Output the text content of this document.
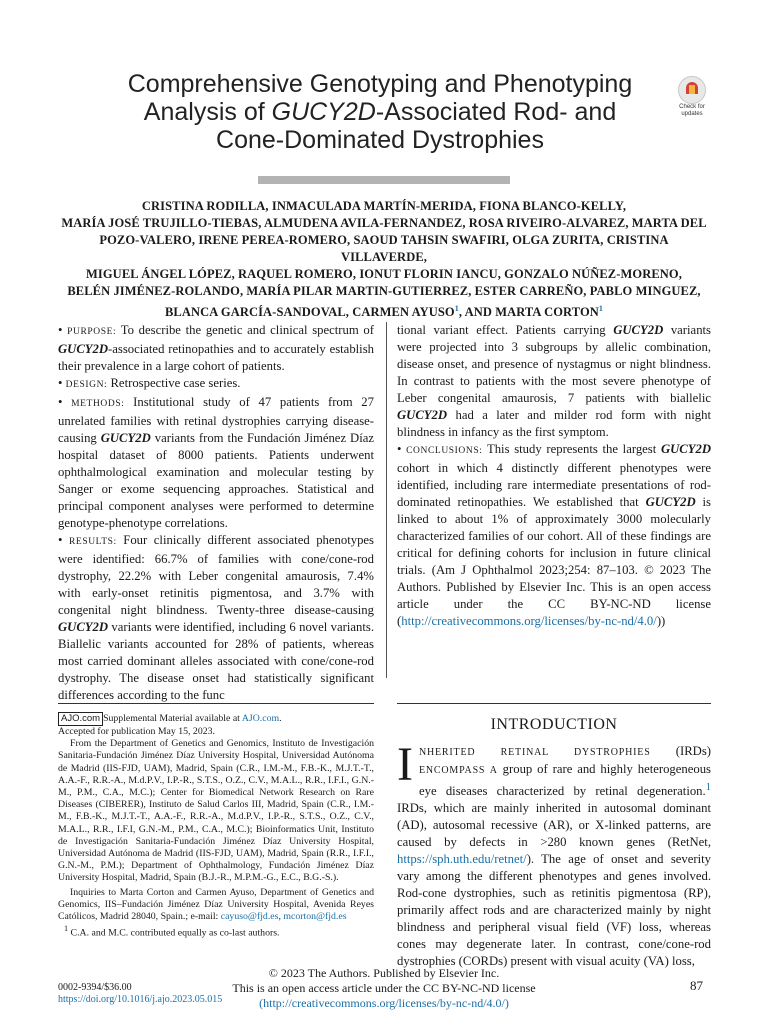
Comprehensive Genotyping and Phenotyping
Analysis of GUCY2D-Associated Rod- and
Cone-Dominated Dystrophies
Check for
updates
CRISTINA RODILLA, INMACULADA MARTÍN-MERIDA, FIONA BLANCO-KELLY,
MARÍA JOSÉ TRUJILLO-TIEBAS, ALMUDENA AVILA-FERNANDEZ, ROSA RIVEIRO-ALVAREZ, MARTA DEL
POZO-VALERO, IRENE PEREA-ROMERO, SAOUD TAHSIN SWAFIRI, OLGA ZURITA, CRISTINA VILLAVERDE,
MIGUEL ÁNGEL LÓPEZ, RAQUEL ROMERO, IONUT FLORIN IANCU, GONZALO NÚÑEZ-MORENO,
BELÉN JIMÉNEZ-ROLANDO, MARÍA PILAR MARTIN-GUTIERREZ, ESTER CARREÑO, PABLO MINGUEZ,
BLANCA GARCÍA-SANDOVAL, CARMEN AYUSO$^1$, AND MARTA CORTON$^1$

• PURPOSE: To describe the genetic and clinical spectrum of GUCY2D-associated retinopathies and to accurately establish their prevalence in a large cohort of patients.

• DESIGN: Retrospective case series.

• METHODS: Institutional study of 47 patients from 27 unrelated families with retinal dystrophies carrying disease-causing GUCY2D variants from the Fundación Jiménez Díaz hospital dataset of 8000 patients. Patients underwent ophthalmological examination and molecular testing by Sanger or exome sequencing approaches. Statistical and principal component analyses were performed to determine genotype-phenotype correlations.

• RESULTS: Four clinically different associated phenotypes were identified: 66.7% of families with cone/cone-rod dystrophy, 22.2% with Leber congenital amaurosis, 7.4% with early-onset retinitis pigmentosa, and 3.7% with congenital night blindness. Twenty-three disease-causing GUCY2D variants were identified, including 6 novel variants. Biallelic variants accounted for 28% of patients, whereas most carried dominant alleles associated with cone/cone-rod dystrophy. The disease onset had statistically significant differences according to the func

tional variant effect. Patients carrying GUCY2D variants were projected into 3 subgroups by allelic combination, disease onset, and presence of nystagmus or night blindness. In contrast to patients with the most severe phenotype of Leber congenital amaurosis, 7 patients with biallelic GUCY2D had a later and milder rod form with night blindness in infancy as the first symptom.

• CONCLUSIONS: This study represents the largest GUCY2D cohort in which 4 distinctly different phenotypes were identified, including rare intermediate presentations of rod-dominated retinopathies. We established that GUCY2D is linked to about 1% of approximately 3000 molecularly characterized families of our cohort. All of these findings are critical for defining cohorts for inclusion in future clinical trials. (Am J Ophthalmol 2023;254: 87–103. © 2023 The Authors. Published by Elsevier Inc. This is an open access article under the CC BY-NC-ND license (http://creativecommons.org/licenses/by-nc-nd/4.0/))

AJO.com Supplemental Material available at AJO.com.

Accepted for publication May 15, 2023.

From the Department of Genetics and Genomics, Instituto de Investigación Sanitaria-Fundación Jiménez Díaz University Hospital, Universidad Autónoma de Madrid (IIS-FJD, UAM), Madrid, Spain (C.R., I.M.-M., F.B.-K., M.J.T.-T., A.A.-F., R.R.-A., M.d.P.V., I.P.-R., S.T.S., O.Z., C.V., M.A.L., R.R., I.F.I., G.N.-M., P.M., C.A., M.C.); Center for Biomedical Network Research on Rare Diseases (CIBERER), Instituto de Salud Carlos III, Madrid, Spain (C.R., I.M.-M., F.B.-K., M.J.T.-T., A.A.-F., R.R.-A., M.d.P.V., I.P.-R., S.T.S., O.Z., C.V., M.A.L., R.R., I.F.I, G.N.-M., P.M., C.A., M.C.); Bioinformatics Unit, Instituto de Investigación Sanitaria-Fundación Jiménez Díaz University Hospital, Universidad Autónoma de Madrid (IIS-FJD, UAM), Madrid, Spain (R.R., I.F.I., G.N.-M., P.M.); Department of Ophthalmology, Fundación Jiménez Díaz University Hospital, Madrid, Spain (B.J.-R., M.P.M.-G., E.C., B.G.-S.).

Inquiries to Marta Corton and Carmen Ayuso, Department of Genetics and Genomics, IIS–Fundación Jiménez Díaz University Hospital, Avenida Reyes Católicos, Madrid 28040, Spain.; e-mail: cayuso@fjd.es, mcorton@fjd.es

$^1$ C.A. and M.C. contributed equally as co-last authors.

INTRODUCTION

INHERITED RETINAL DYSTROPHIES (IRDs) ENCOMPASS A group of rare and highly heterogeneous eye diseases characterized by retinal degeneration.$^1$ IRDs, which are mainly inherited in autosomal dominant (AD), autosomal recessive (AR), or X-linked patterns, are caused by defects in >280 known genes (RetNet, https://sph.uth.edu/retnet/). The age of onset and severity vary among the different phenotypes and genes involved. Rod-cone dystrophies, such as retinitis pigmentosa (RP), primarily affect rods and are characterized mainly by night blindness and peripheral visual field (VF) loss, whereas cones may degenerate later. In contrast, cone/cone-rod dystrophies (CORDs) present with visual acuity (VA) loss,

© 2023 The Authors. Published by Elsevier Inc.
This is an open access article under the CC BY-NC-ND license
(http://creativecommons.org/licenses/by-nc-nd/4.0/)
0002-9394/$36.00
https://doi.org/10.1016/j.ajo.2023.05.015
87
